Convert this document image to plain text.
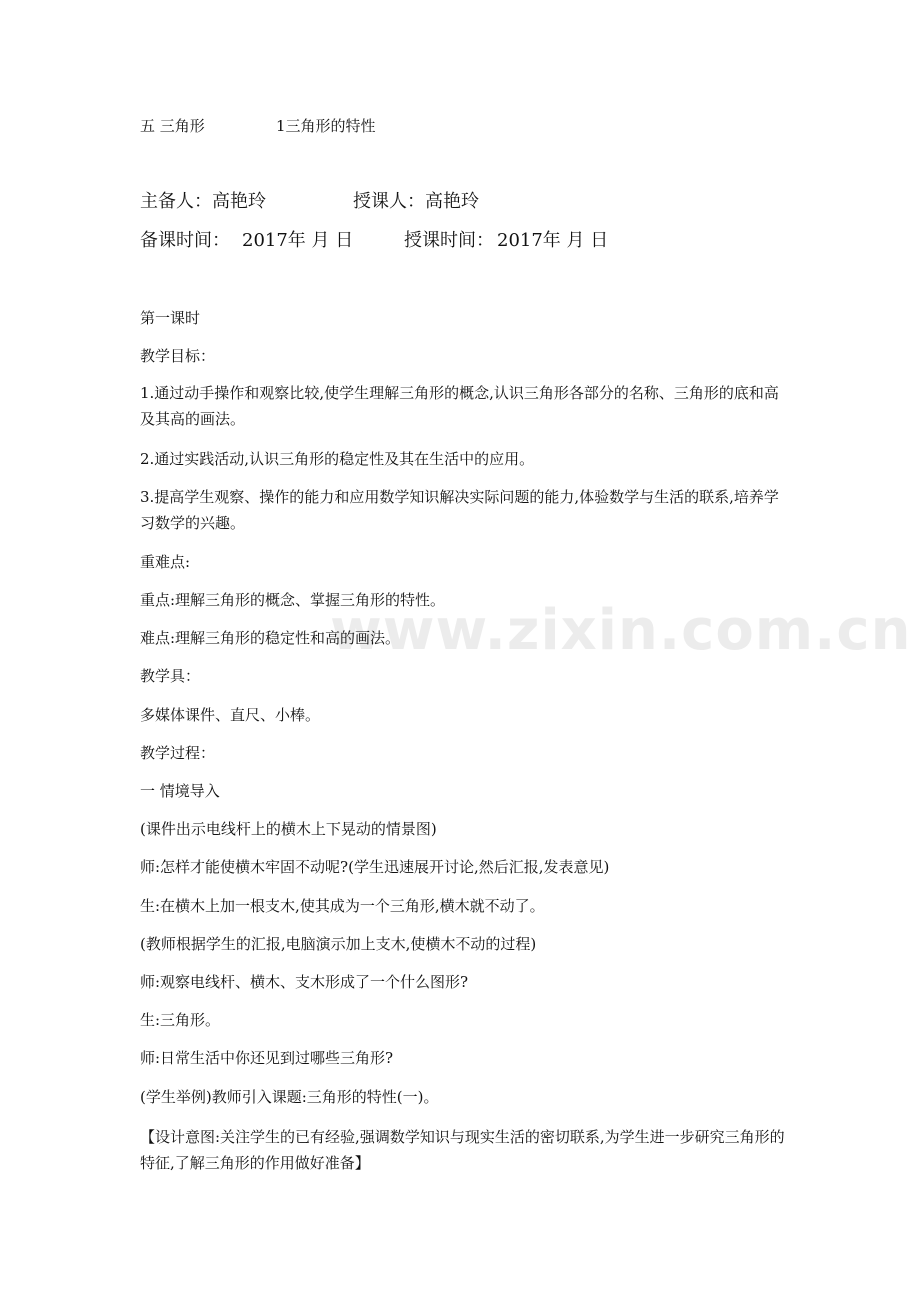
www.zixin.com.cn
五 三角形	1三角形的特性
主备人：高艳玲	授课人：高艳玲
备课时间： 2017年 月 日	授课时间： 2017年 月 日
第一课时
教学目标：
1.通过动手操作和观察比较,使学生理解三角形的概念,认识三角形各部分的名称、三角形的底和高及其高的画法。
2.通过实践活动,认识三角形的稳定性及其在生活中的应用。
3.提高学生观察、操作的能力和应用数学知识解决实际问题的能力,体验数学与生活的联系,培养学习数学的兴趣。
重难点:
重点:理解三角形的概念、掌握三角形的特性。
难点:理解三角形的稳定性和高的画法。
教学具：
多媒体课件、直尺、小棒。
教学过程：
一 情境导入
(课件出示电线杆上的横木上下晃动的情景图)
师:怎样才能使横木牢固不动呢?(学生迅速展开讨论,然后汇报,发表意见)
生:在横木上加一根支木,使其成为一个三角形,横木就不动了。
(教师根据学生的汇报,电脑演示加上支木,使横木不动的过程)
师:观察电线杆、横木、支木形成了一个什么图形?
生:三角形。
师:日常生活中你还见到过哪些三角形?
(学生举例)教师引入课题:三角形的特性(一)。
【设计意图:关注学生的已有经验,强调数学知识与现实生活的密切联系,为学生进一步研究三角形的特征,了解三角形的作用做好准备】
